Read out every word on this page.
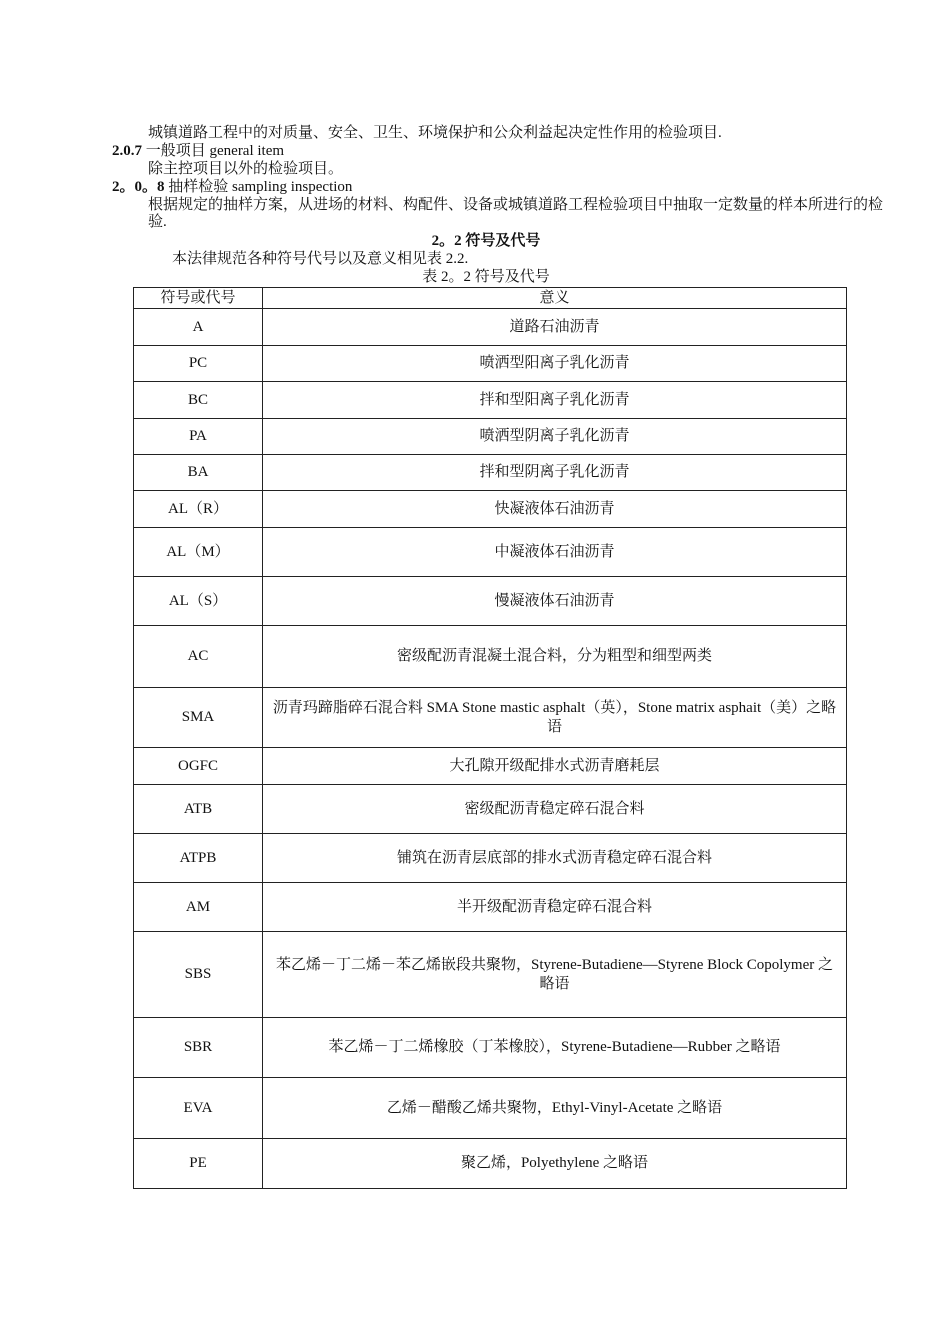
城镇道路工程中的对质量、安全、卫生、环境保护和公众利益起决定性作用的检验项目.
2.0.7 一般项目 general item
除主控项目以外的检验项目。
2。0。8 抽样检验 sampling inspection
根据规定的抽样方案，从进场的材料、构配件、设备或城镇道路工程检验项目中抽取一定数量的样本所进行的检验.
2。2 符号及代号
本法律规范各种符号代号以及意义相见表 2.2.
表 2。2 符号及代号
符号或代号	意义
A	道路石油沥青
PC	喷洒型阳离子乳化沥青
BC	拌和型阳离子乳化沥青
PA	喷洒型阴离子乳化沥青
BA	拌和型阴离子乳化沥青
AL（R）	快凝液体石油沥青
AL（M）	中凝液体石油沥青
AL（S）	慢凝液体石油沥青
AC	密级配沥青混凝土混合料，分为粗型和细型两类
SMA	沥青玛蹄脂碎石混合料 SMA Stone mastic asphalt（英），Stone matrix asphait（美）之略语
OGFC	大孔隙开级配排水式沥青磨耗层
ATB	密级配沥青稳定碎石混合料
ATPB	铺筑在沥青层底部的排水式沥青稳定碎石混合料
AM	半开级配沥青稳定碎石混合料
SBS	苯乙烯－丁二烯－苯乙烯嵌段共聚物，Styrene-Butadiene—Styrene Block Copolymer 之略语
SBR	苯乙烯－丁二烯橡胶（丁苯橡胶），Styrene-Butadiene—Rubber 之略语
EVA	乙烯－醋酸乙烯共聚物，Ethyl-Vinyl-Acetate 之略语
PE	聚乙烯，Polyethylene 之略语
